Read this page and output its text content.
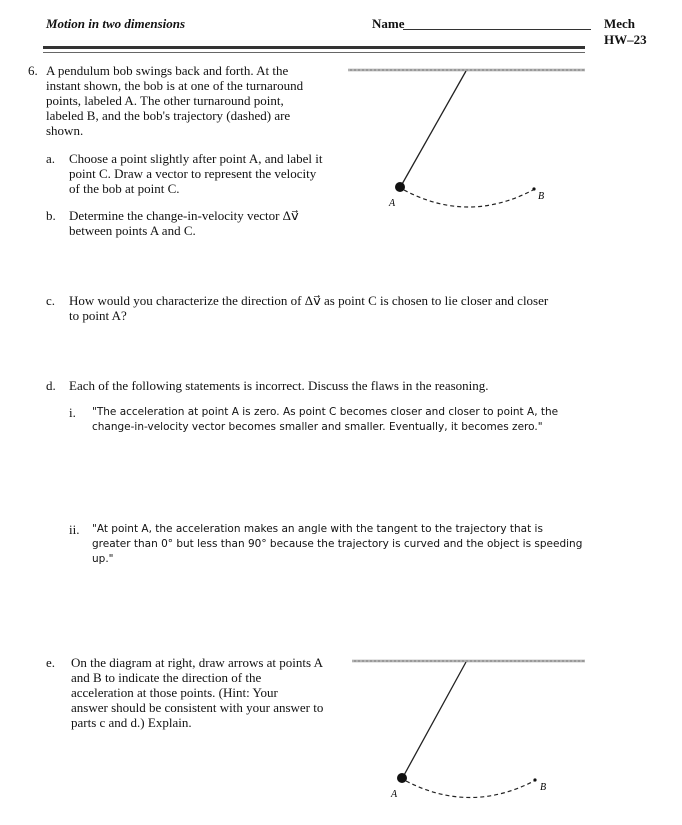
Motion in two dimensions	Name	Mech
HW–23
6. A pendulum bob swings back and forth. At the
instant shown, the bob is at one of the turnaround
points, labeled A. The other turnaround point,
labeled B, and the bob's trajectory (dashed) are
shown.
a. Choose a point slightly after point A, and label it
point C. Draw a vector to represent the velocity
of the bob at point C.
b. Determine the change-in-velocity vector Δv⃗
between points A and C.
c. How would you characterize the direction of Δv⃗ as point C is chosen to lie closer and closer
to point A?
d. Each of the following statements is incorrect. Discuss the flaws in the reasoning.
i. "The acceleration at point A is zero. As point C becomes closer and closer to point A, the
change-in-velocity vector becomes smaller and smaller. Eventually, it becomes zero."
ii. "At point A, the acceleration makes an angle with the tangent to the trajectory that is
greater than 0° but less than 90° because the trajectory is curved and the object is speeding
up."
e. On the diagram at right, draw arrows at points A
and B to indicate the direction of the
acceleration at those points. (Hint: Your
answer should be consistent with your answer to
parts c and d.) Explain.
A
B
A
B
